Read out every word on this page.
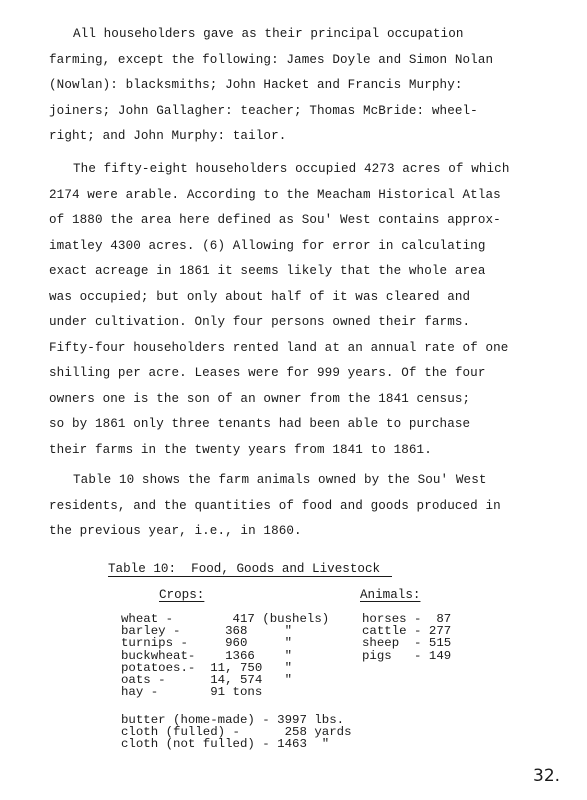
All householders gave as their principal occupation
farming, except the following: James Doyle and Simon Nolan
(Nowlan): blacksmiths; John Hacket and Francis Murphy:
joiners; John Gallagher: teacher; Thomas McBride: wheel-
right; and John Murphy: tailor.
The fifty-eight householders occupied 4273 acres of which
2174 were arable. According to the Meacham Historical Atlas
of 1880 the area here defined as Sou' West contains approx-
imatley 4300 acres. (6) Allowing for error in calculating
exact acreage in 1861 it seems likely that the whole area
was occupied; but only about half of it was cleared and
under cultivation. Only four persons owned their farms.
Fifty-four householders rented land at an annual rate of one
shilling per acre. Leases were for 999 years. Of the four
owners one is the son of an owner from the 1841 census;
so by 1861 only three tenants had been able to purchase
their farms in the twenty years from 1841 to 1861.
Table 10 shows the farm animals owned by the Sou' West
residents, and the quantities of food and goods produced in
the previous year, i.e., in 1860.
Table 10:  Food, Goods and Livestock
Crops:	Animals:
wheat -        417 (bushels)
barley -      368     "
turnips -     960     "
buckwheat-    1366    "
potatoes.-  11, 750   "
oats -      14, 574   "
hay -       91 tons
horses -  87
cattle - 277
sheep  - 515
pigs   - 149
butter (home-made) - 3997 lbs.
cloth (fulled) -      258 yards
cloth (not fulled) - 1463  "
32.
